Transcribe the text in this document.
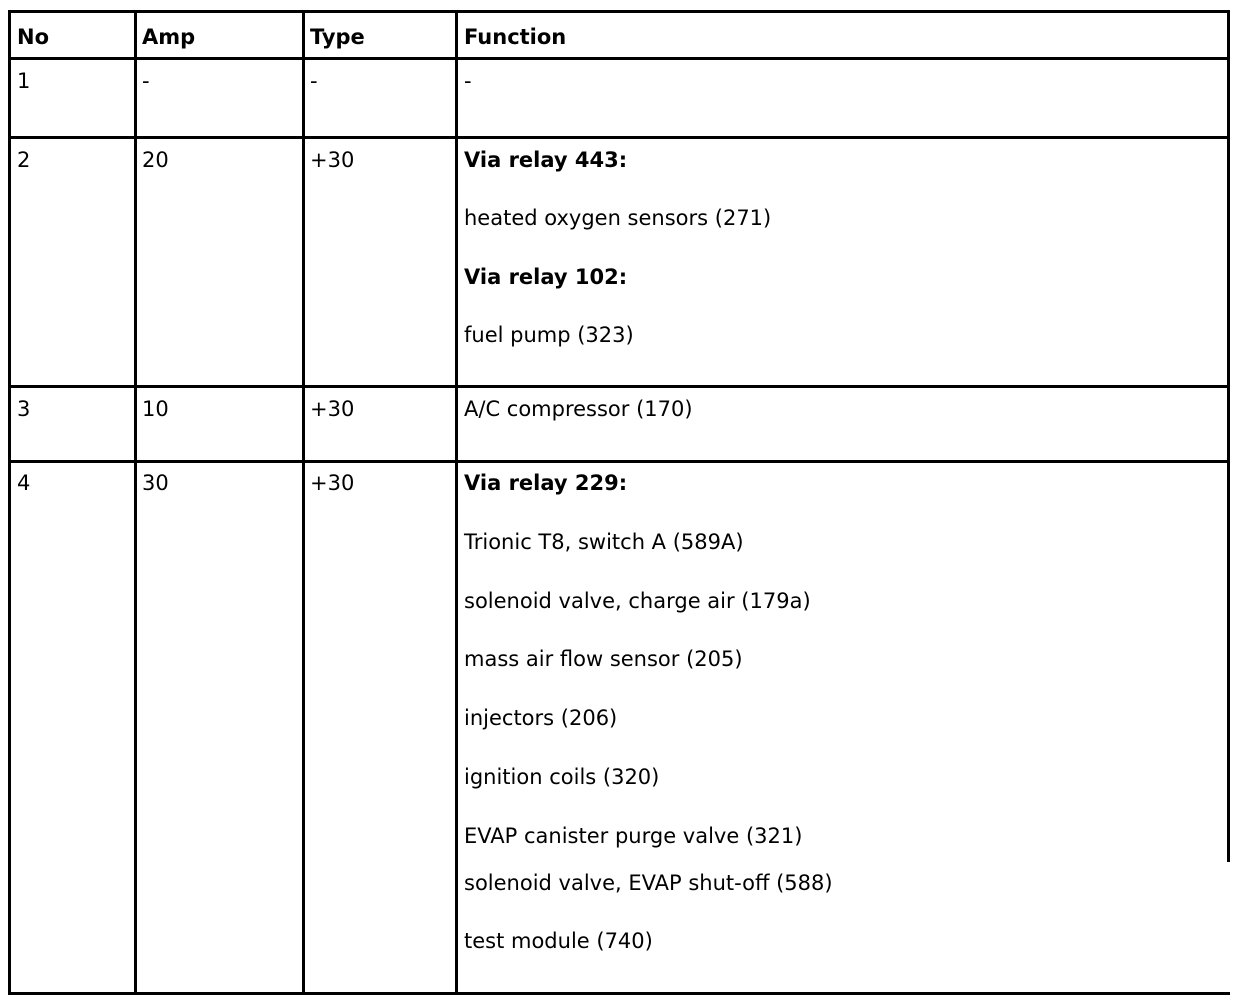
No	Amp	Type	Function
1	-	-	-
2	20	+30	Via relay 443:
heated oxygen sensors (271)
Via relay 102:
fuel pump (323)
3	10	+30	A/C compressor (170)
4	30	+30	Via relay 229:
Trionic T8, switch A (589A)
solenoid valve, charge air (179a)
mass air flow sensor (205)
injectors (206)
ignition coils (320)
EVAP canister purge valve (321)
solenoid valve, EVAP shut-off (588)
test module (740)
